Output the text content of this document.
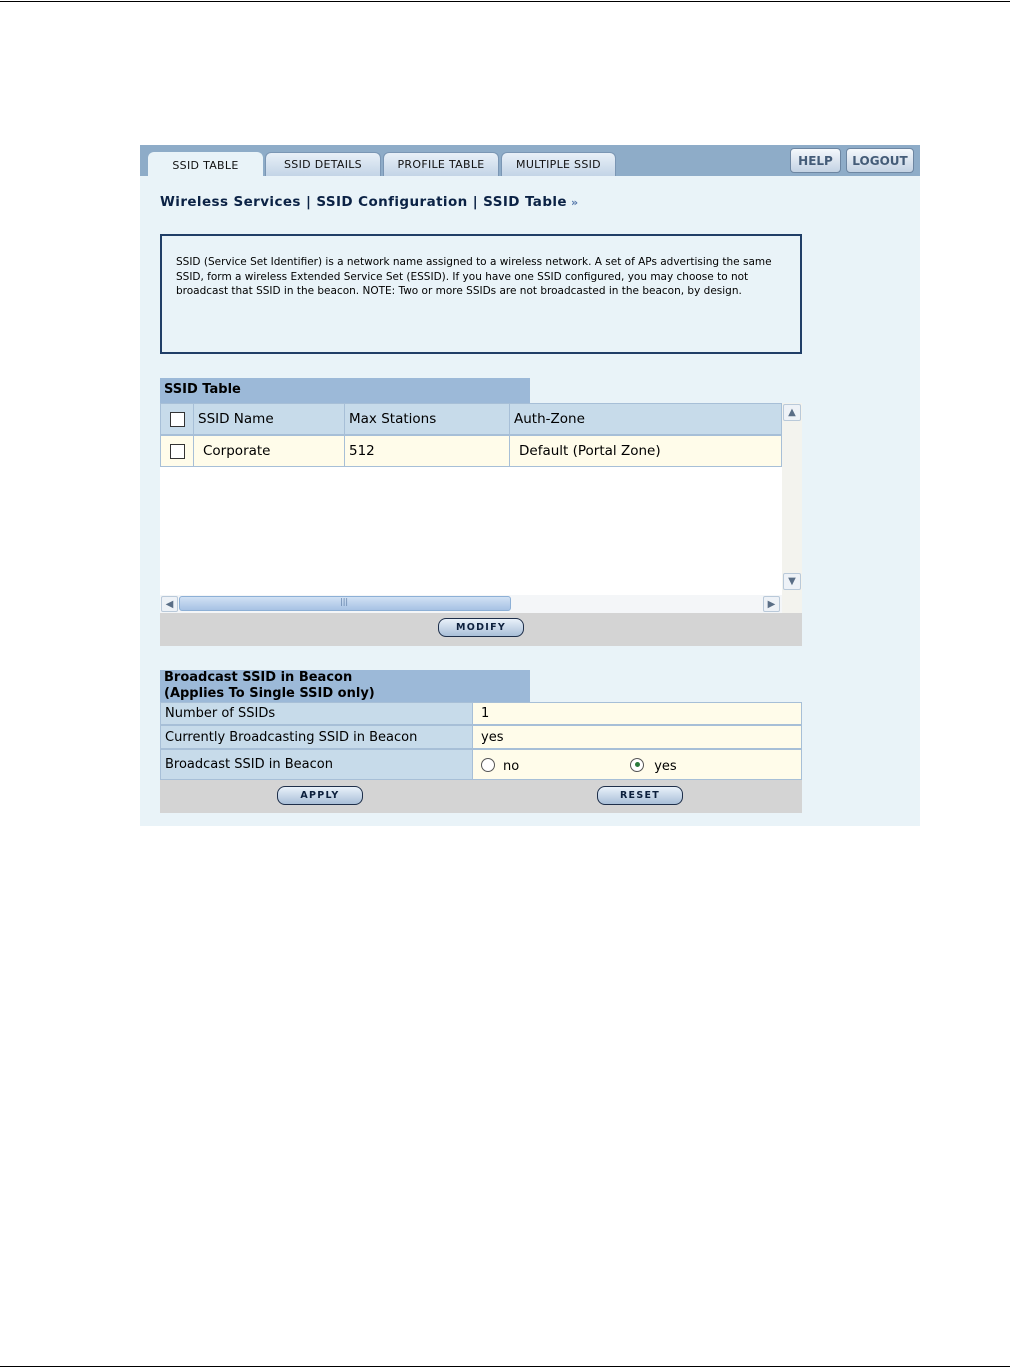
SSID TABLE	SSID DETAILS	PROFILE TABLE	MULTIPLE SSID	HELP	LOGOUT
Wireless Services | SSID Configuration | SSID Table »
SSID (Service Set Identifier) is a network name assigned to a wireless network. A set of APs advertising the same SSID, form a wireless Extended Service Set (ESSID). If you have one SSID configured, you may choose to not broadcast that SSID in the beacon. NOTE: Two or more SSIDs are not broadcasted in the beacon, by design.
SSID Table
SSID Name	Max Stations	Auth-Zone
Corporate	512	Default (Portal Zone)
▲
▼
◀	|||	▶
MODIFY
Broadcast SSID in Beacon
(Applies To Single SSID only)
Number of SSIDs	1
Currently Broadcasting SSID in Beacon	yes
Broadcast SSID in Beacon	no	yes
APPLY	RESET
